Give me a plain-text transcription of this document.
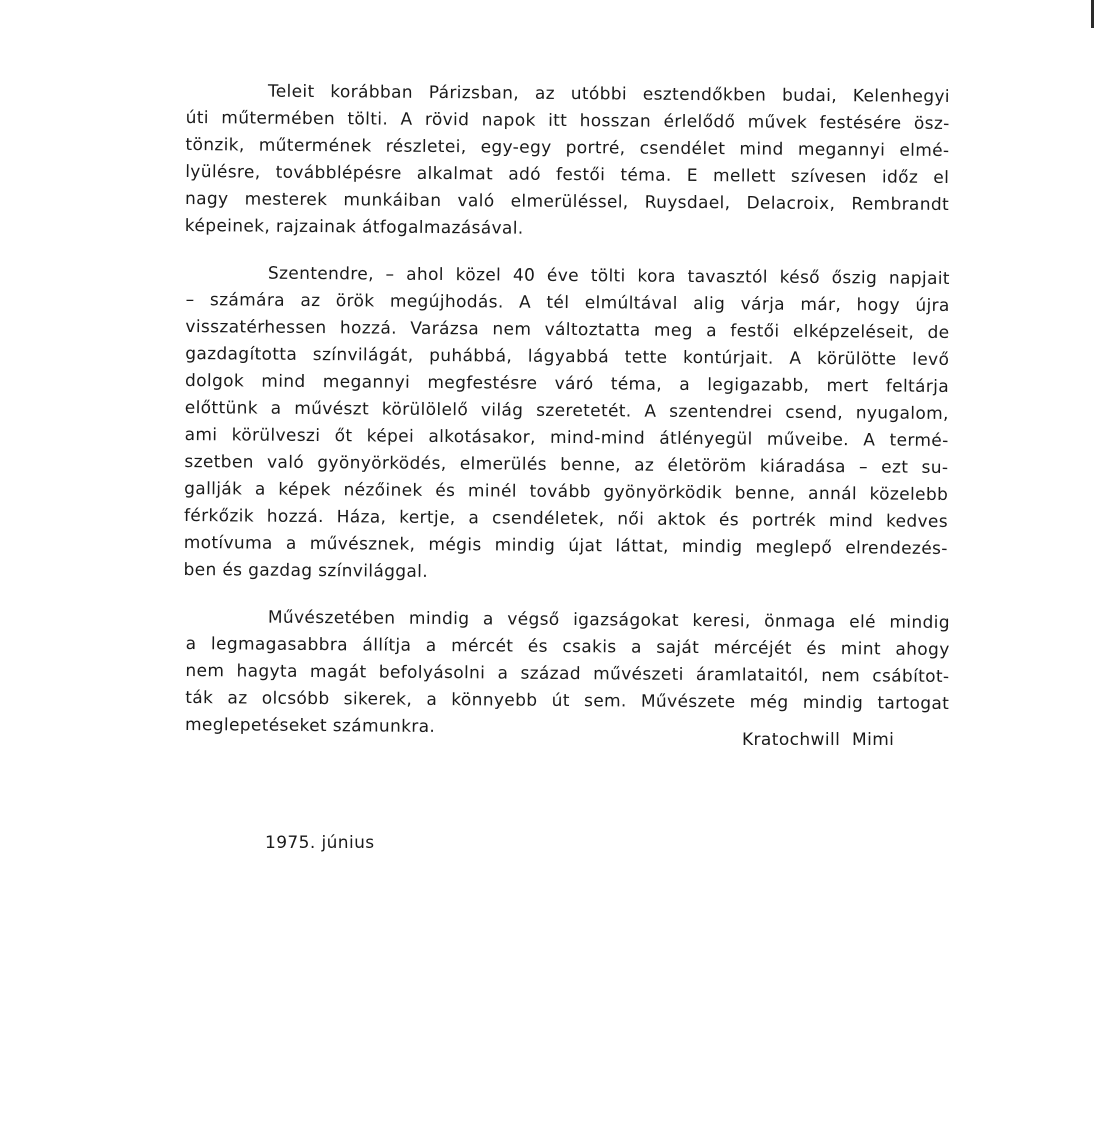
Teleit korábban Párizsban, az utóbbi esztendőkben budai, Kelenhegyi
úti műtermében tölti. A rövid napok itt hosszan érlelődő művek festésére ösz-
tönzik, műtermének részletei, egy-egy portré, csendélet mind megannyi elmé-
lyülésre, továbblépésre alkalmat adó festői téma. E mellett szívesen időz el
nagy mesterek munkáiban való elmerüléssel, Ruysdael, Delacroix, Rembrandt
képeinek, rajzainak átfogalmazásával.

Szentendre, – ahol közel 40 éve tölti kora tavasztól késő őszig napjait
– számára az örök megújhodás. A tél elmúltával alig várja már, hogy újra
visszatérhessen hozzá. Varázsa nem változtatta meg a festői elképzeléseit, de
gazdagította színvilágát, puhábbá, lágyabbá tette kontúrjait. A körülötte levő
dolgok mind megannyi megfestésre váró téma, a legigazabb, mert feltárja
előttünk a művészt körülölelő világ szeretetét. A szentendrei csend, nyugalom,
ami körülveszi őt képei alkotásakor, mind-mind átlényegül műveibe. A termé-
szetben való gyönyörködés, elmerülés benne, az életöröm kiáradása – ezt su-
gallják a képek nézőinek és minél tovább gyönyörködik benne, annál közelebb
férkőzik hozzá. Háza, kertje, a csendéletek, női aktok és portrék mind kedves
motívuma a művésznek, mégis mindig újat láttat, mindig meglepő elrendezés-
ben és gazdag színvilággal.

Művészetében mindig a végső igazságokat keresi, önmaga elé mindig
a legmagasabbra állítja a mércét és csakis a saját mércéjét és mint ahogy
nem hagyta magát befolyásolni a század művészeti áramlataitól, nem csábítot-
ták az olcsóbb sikerek, a könnyebb út sem. Művészete még mindig tartogat
meglepetéseket számunkra.

Kratochwill Mimi
1975. június
